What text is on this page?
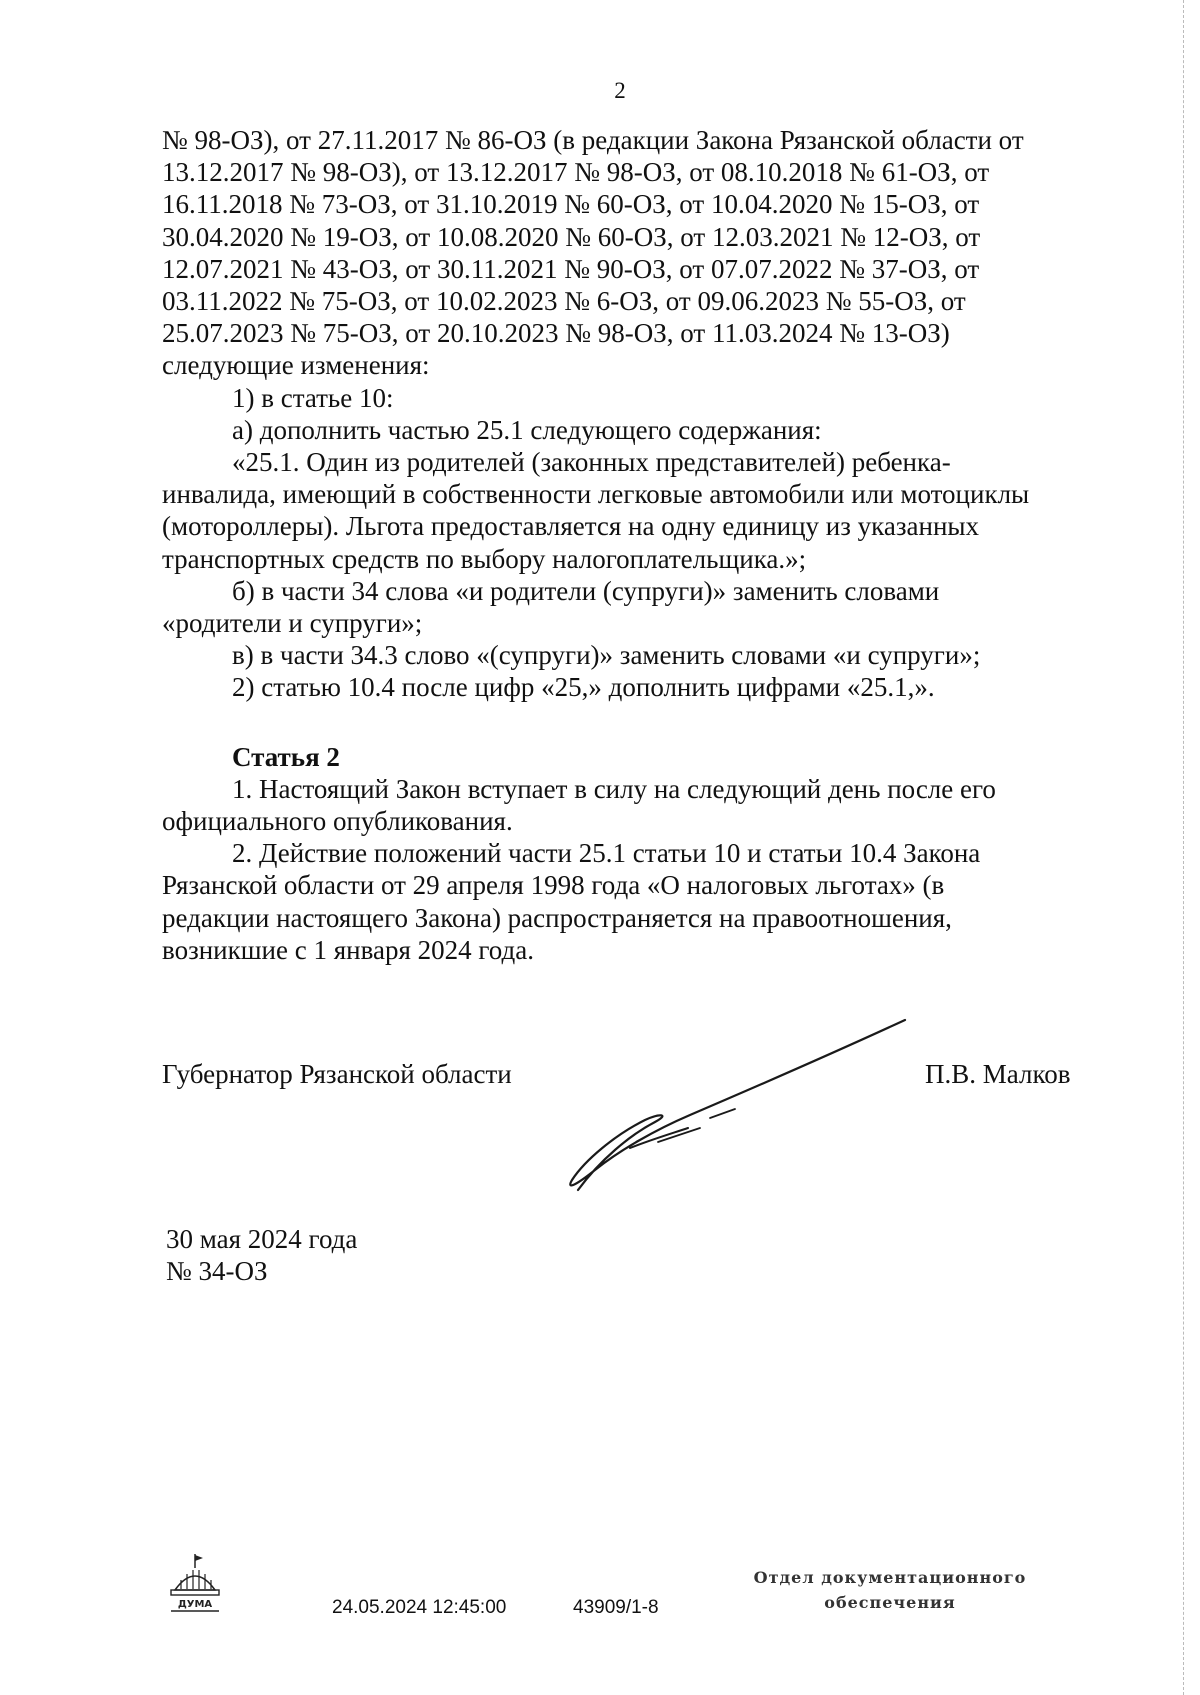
2

№ 98-ОЗ), от 27.11.2017 № 86-ОЗ (в редакции Закона Рязанской области от

13.12.2017 № 98-ОЗ), от 13.12.2017 № 98-ОЗ, от 08.10.2018 № 61-ОЗ, от

16.11.2018 № 73-ОЗ, от 31.10.2019 № 60-ОЗ, от 10.04.2020 № 15-ОЗ, от

30.04.2020 № 19-ОЗ, от 10.08.2020 № 60-ОЗ, от 12.03.2021 № 12-ОЗ, от

12.07.2021 № 43-ОЗ, от 30.11.2021 № 90-ОЗ, от 07.07.2022 № 37-ОЗ, от

03.11.2022 № 75-ОЗ, от 10.02.2023 № 6-ОЗ, от 09.06.2023 № 55-ОЗ, от

25.07.2023 № 75-ОЗ, от 20.10.2023 № 98-ОЗ, от 11.03.2024 № 13-ОЗ)

следующие изменения:

1) в статье 10:

а) дополнить частью 25.1 следующего содержания:

«25.1. Один из родителей (законных представителей) ребенка-

инвалида, имеющий в собственности легковые автомобили или мотоциклы

(мотороллеры). Льгота предоставляется на одну единицу из указанных

транспортных средств по выбору налогоплательщика.»;

б) в части 34 слова «и родители (супруги)» заменить словами

«родители и супруги»;

в) в части 34.3 слово «(супруги)» заменить словами «и супруги»;

2) статью 10.4 после цифр «25,» дополнить цифрами «25.1,».

Статья 2

1. Настоящий Закон вступает в силу на следующий день после его

официального опубликования.

2. Действие положений части 25.1 статьи 10 и статьи 10.4 Закона

Рязанской области от 29 апреля 1998 года «О налоговых льготах» (в

редакции настоящего Закона) распространяется на правоотношения,

возникшие с 1 января 2024 года.

Губернатор Рязанской области	П.В. Малков
30 мая 2024 года
№ 34-ОЗ
ДУМА	24.05.2024 12:45:00	43909/1-8
Отдел документационного
обеспечения
